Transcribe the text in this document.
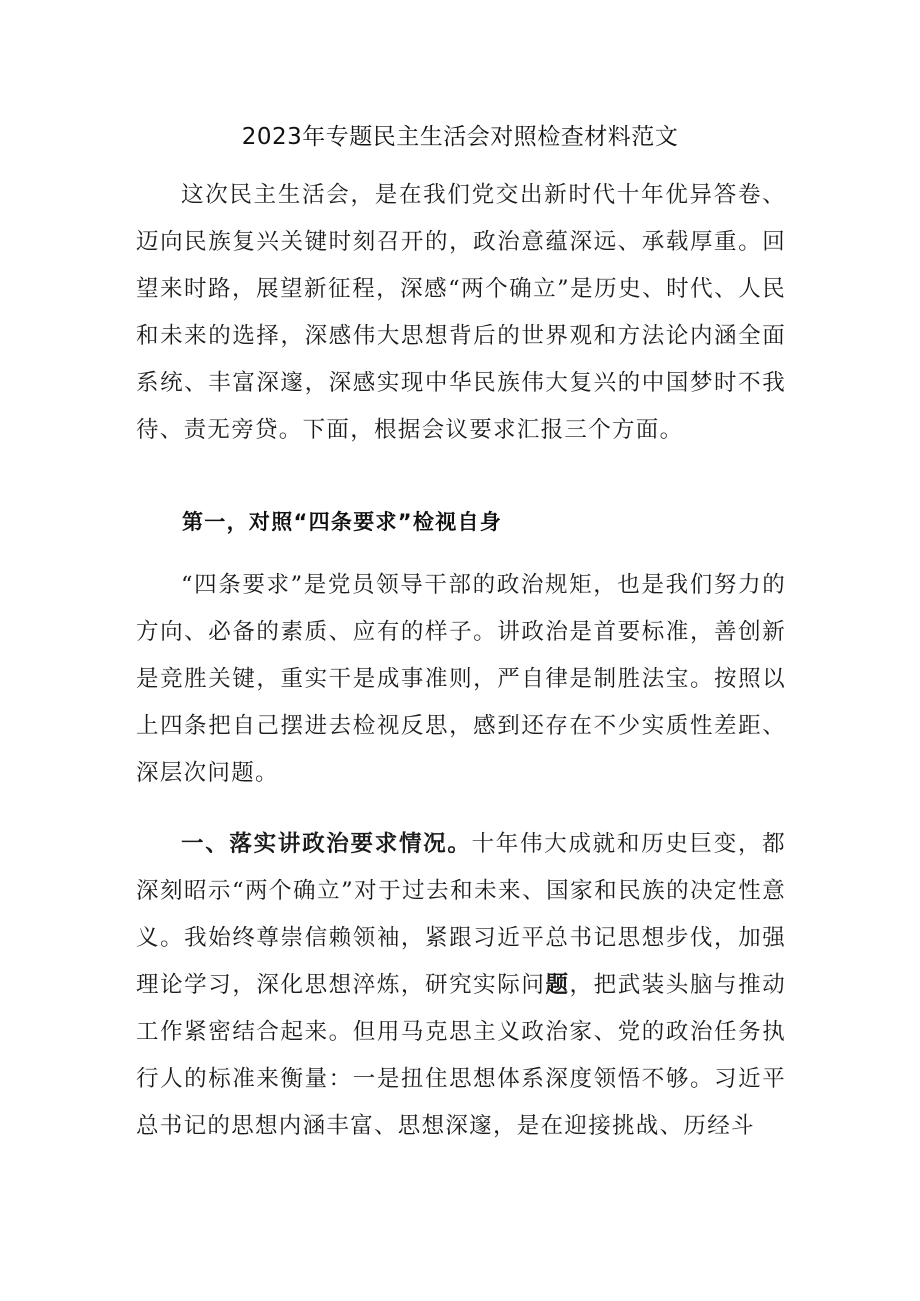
2023年专题民主生活会对照检查材料范文

这次民主生活会，是在我们党交出新时代十年优异答卷、迈向民族复兴关键时刻召开的，政治意蕴深远、承载厚重。回望来时路，展望新征程，深感“两个确立”是历史、时代、人民和未来的选择，深感伟大思想背后的世界观和方法论内涵全面系统、丰富深邃，深感实现中华民族伟大复兴的中国梦时不我待、责无旁贷。下面，根据会议要求汇报三个方面。

第一，对照“四条要求”检视自身

“四条要求”是党员领导干部的政治规矩，也是我们努力的方向、必备的素质、应有的样子。讲政治是首要标准，善创新是竞胜关键，重实干是成事准则，严自律是制胜法宝。按照以上四条把自己摆进去检视反思，感到还存在不少实质性差距、深层次问题。

一、落实讲政治要求情况。十年伟大成就和历史巨变，都深刻昭示“两个确立”对于过去和未来、国家和民族的决定性意义。我始终尊崇信赖领袖，紧跟习近平总书记思想步伐，加强理论学习，深化思想淬炼，研究实际问题，把武装头脑与推动工作紧密结合起来。但用马克思主义政治家、党的政治任务执行人的标准来衡量：一是扭住思想体系深度领悟不够。习近平总书记的思想内涵丰富、思想深邃，是在迎接挑战、历经斗
